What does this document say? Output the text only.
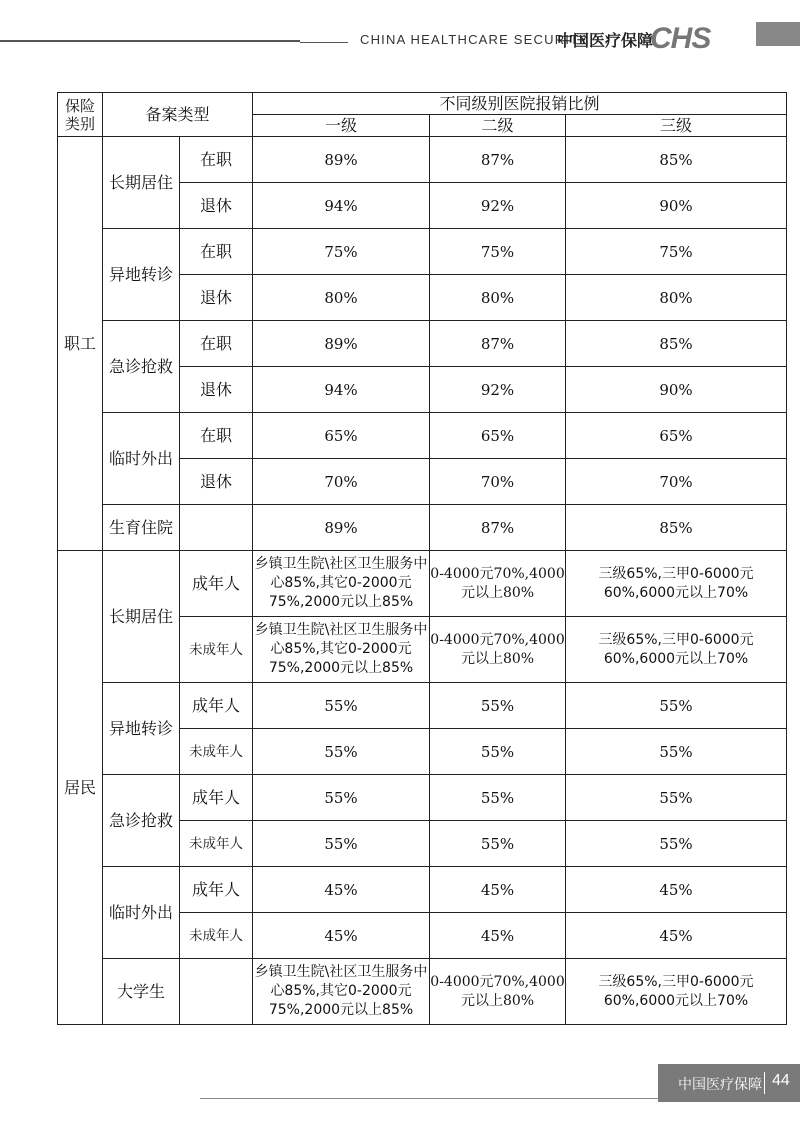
CHINA HEALTHCARE SECURITY
中国医疗保障
CHS
保险类别	备案类型		不同级别医院报销比例		
			一级	二级	三级
职工	长期居住	在职	89%	87%	85%
		退休	94%	92%	90%
	异地转诊	在职	75%	75%	75%
		退休	80%	80%	80%
	急诊抢救	在职	89%	87%	85%
		退休	94%	92%	90%
	临时外出	在职	65%	65%	65%
		退休	70%	70%	70%
	生育住院		89%	87%	85%
居民	长期居住	成年人	乡镇卫生院\社区卫生服务中心85%,其它0-2000元75%,2000元以上85%	0-4000元70%,4000元以上80%	三级65%,三甲0-6000元60%,6000元以上70%
		未成年人	乡镇卫生院\社区卫生服务中心85%,其它0-2000元75%,2000元以上85%	0-4000元70%,4000元以上80%	三级65%,三甲0-6000元60%,6000元以上70%
	异地转诊	成年人	55%	55%	55%
		未成年人	55%	55%	55%
	急诊抢救	成年人	55%	55%	55%
		未成年人	55%	55%	55%
	临时外出	成年人	45%	45%	45%
		未成年人	45%	45%	45%
	大学生		乡镇卫生院\社区卫生服务中心85%,其它0-2000元75%,2000元以上85%	0-4000元70%,4000元以上80%	三级65%,三甲0-6000元60%,6000元以上70%
中国医疗保障 44
